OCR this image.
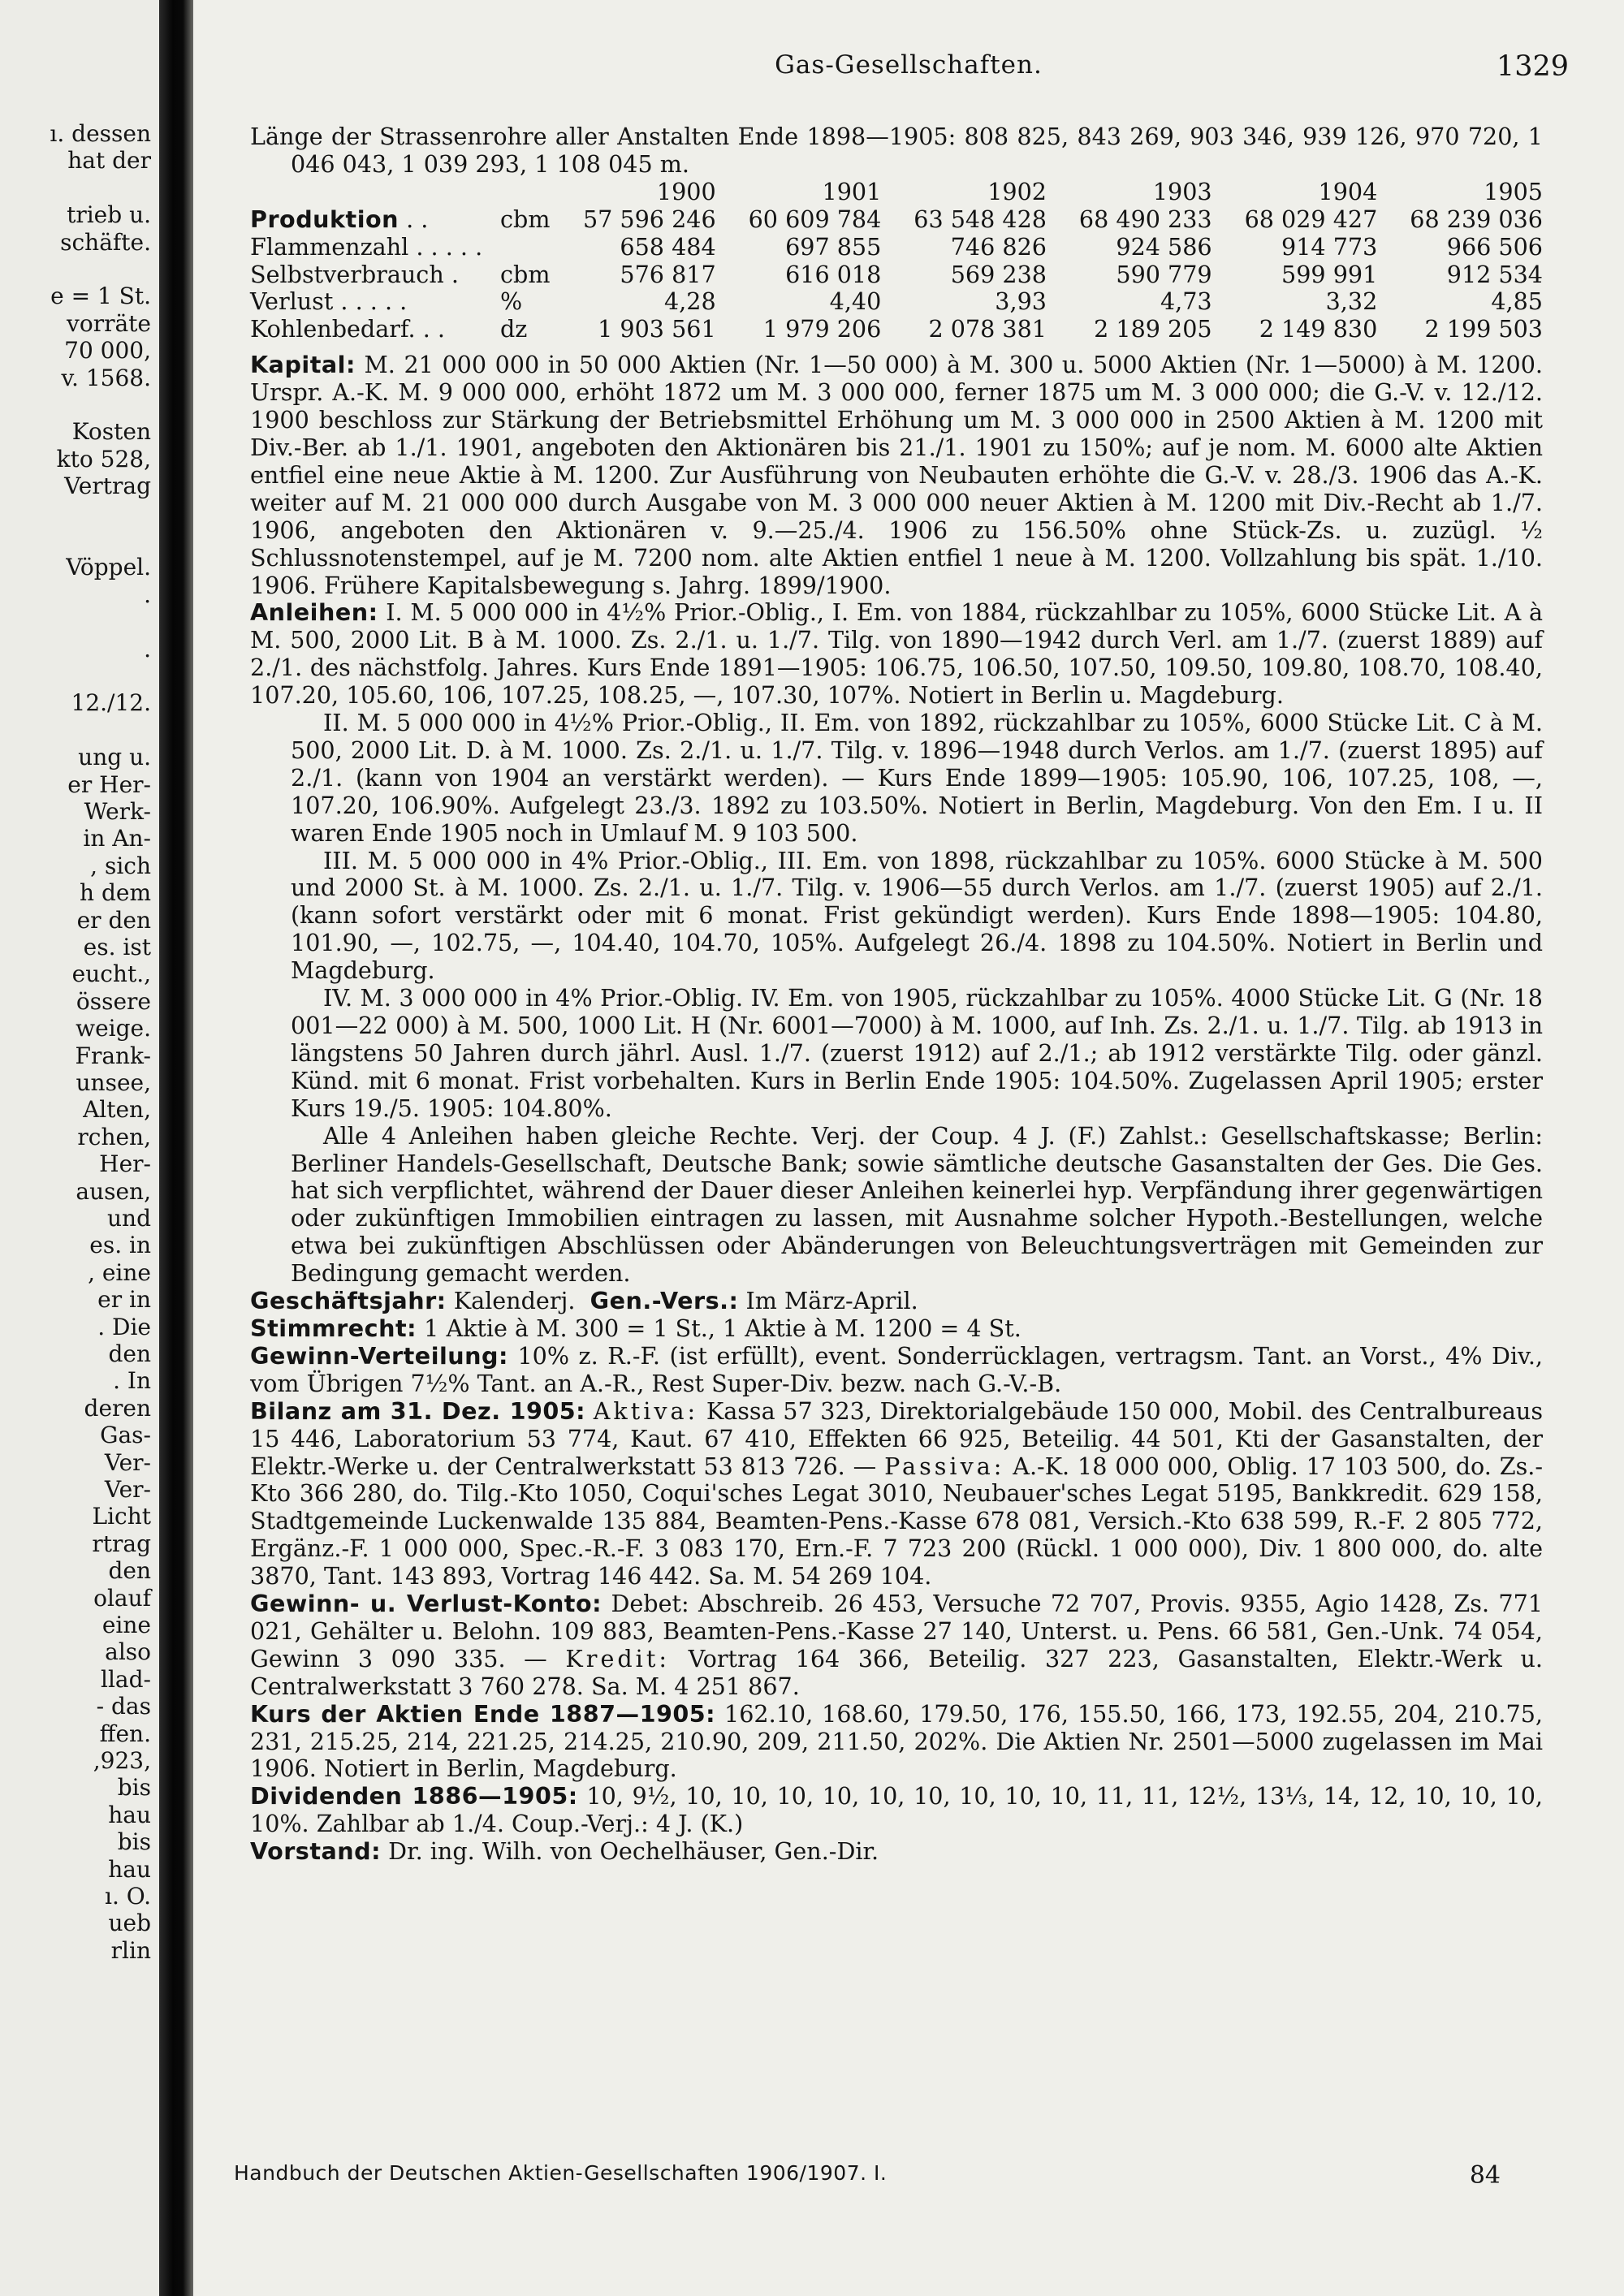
ı. dessen
hat der
trieb u.
schäfte.
e = 1 St.
vorräte
70 000,
v. 1568.
Kosten
kto 528,
Vertrag
Vöppel.
.
.
12./12.
ung u.
er Her-
Werk-
in An-
, sich
h dem
er den
es. ist
eucht.,
össere
weige.
Frank-
unsee,
Alten,
rchen,
Her-
ausen,
und
es. in
, eine
er in
. Die
den
. In
deren
Gas-
Ver-
Ver-
Licht
rtrag
den
olauf
eine
also
llad-
- das
ffen.
,923,
bis
hau
bis
hau
ı. O.
ueb
rlin
Gas-Gesellschaften.	1329
Länge der Strassenrohre aller Anstalten Ende 1898—1905: 808 825, 843 269, 903 346, 939 126, 970 720, 1 046 043, 1 039 293, 1 108 045 m.
		1900	1901	1902	1903	1904	1905
Produktion . .	cbm	57 596 246	60 609 784	63 548 428	68 490 233	68 029 427	68 239 036
Flammenzahl . . . . .		658 484	697 855	746 826	924 586	914 773	966 506
Selbstverbrauch .	cbm	576 817	616 018	569 238	590 779	599 991	912 534
Verlust . . . . .	%	4,28	4,40	3,93	4,73	3,32	4,85
Kohlenbedarf. . .	dz	1 903 561	1 979 206	2 078 381	2 189 205	2 149 830	2 199 503
Kapital: M. 21 000 000 in 50 000 Aktien (Nr. 1—50 000) à M. 300 u. 5000 Aktien (Nr. 1—5000) à M. 1200. Urspr. A.-K. M. 9 000 000, erhöht 1872 um M. 3 000 000, ferner 1875 um M. 3 000 000; die G.-V. v. 12./12. 1900 beschloss zur Stärkung der Betriebsmittel Erhöhung um M. 3 000 000 in 2500 Aktien à M. 1200 mit Div.-Ber. ab 1./1. 1901, angeboten den Aktionären bis 21./1. 1901 zu 150%; auf je nom. M. 6000 alte Aktien entfiel eine neue Aktie à M. 1200. Zur Ausführung von Neubauten erhöhte die G.-V. v. 28./3. 1906 das A.-K. weiter auf M. 21 000 000 durch Ausgabe von M. 3 000 000 neuer Aktien à M. 1200 mit Div.-Recht ab 1./7. 1906, angeboten den Aktionären v. 9.—25./4. 1906 zu 156.50% ohne Stück-Zs. u. zuzügl. ½ Schlussnotenstempel, auf je M. 7200 nom. alte Aktien entfiel 1 neue à M. 1200. Vollzahlung bis spät. 1./10. 1906. Frühere Kapitalsbewegung s. Jahrg. 1899/1900.
Anleihen: I. M. 5 000 000 in 4½% Prior.-Oblig., I. Em. von 1884, rückzahlbar zu 105%, 6000 Stücke Lit. A à M. 500, 2000 Lit. B à M. 1000. Zs. 2./1. u. 1./7. Tilg. von 1890—1942 durch Verl. am 1./7. (zuerst 1889) auf 2./1. des nächstfolg. Jahres. Kurs Ende 1891—1905: 106.75, 106.50, 107.50, 109.50, 109.80, 108.70, 108.40, 107.20, 105.60, 106, 107.25, 108.25, —, 107.30, 107%. Notiert in Berlin u. Magdeburg.
II. M. 5 000 000 in 4½% Prior.-Oblig., II. Em. von 1892, rückzahlbar zu 105%, 6000 Stücke Lit. C à M. 500, 2000 Lit. D. à M. 1000. Zs. 2./1. u. 1./7. Tilg. v. 1896—1948 durch Verlos. am 1./7. (zuerst 1895) auf 2./1. (kann von 1904 an verstärkt werden). — Kurs Ende 1899—1905: 105.90, 106, 107.25, 108, —, 107.20, 106.90%. Aufgelegt 23./3. 1892 zu 103.50%. Notiert in Berlin, Magdeburg. Von den Em. I u. II waren Ende 1905 noch in Umlauf M. 9 103 500.
III. M. 5 000 000 in 4% Prior.-Oblig., III. Em. von 1898, rückzahlbar zu 105%. 6000 Stücke à M. 500 und 2000 St. à M. 1000. Zs. 2./1. u. 1./7. Tilg. v. 1906—55 durch Verlos. am 1./7. (zuerst 1905) auf 2./1. (kann sofort verstärkt oder mit 6 monat. Frist gekündigt werden). Kurs Ende 1898—1905: 104.80, 101.90, —, 102.75, —, 104.40, 104.70, 105%. Aufgelegt 26./4. 1898 zu 104.50%. Notiert in Berlin und Magdeburg.
IV. M. 3 000 000 in 4% Prior.-Oblig. IV. Em. von 1905, rückzahlbar zu 105%. 4000 Stücke Lit. G (Nr. 18 001—22 000) à M. 500, 1000 Lit. H (Nr. 6001—7000) à M. 1000, auf Inh. Zs. 2./1. u. 1./7. Tilg. ab 1913 in längstens 50 Jahren durch jährl. Ausl. 1./7. (zuerst 1912) auf 2./1.; ab 1912 verstärkte Tilg. oder gänzl. Künd. mit 6 monat. Frist vorbehalten. Kurs in Berlin Ende 1905: 104.50%. Zugelassen April 1905; erster Kurs 19./5. 1905: 104.80%.
Alle 4 Anleihen haben gleiche Rechte. Verj. der Coup. 4 J. (F.) Zahlst.: Gesellschaftskasse; Berlin: Berliner Handels-Gesellschaft, Deutsche Bank; sowie sämtliche deutsche Gasanstalten der Ges. Die Ges. hat sich verpflichtet, während der Dauer dieser Anleihen keinerlei hyp. Verpfändung ihrer gegenwärtigen oder zukünftigen Immobilien eintragen zu lassen, mit Ausnahme solcher Hypoth.-Bestellungen, welche etwa bei zukünftigen Abschlüssen oder Abänderungen von Beleuchtungsverträgen mit Gemeinden zur Bedingung gemacht werden.
Geschäftsjahr: Kalenderj. Gen.-Vers.: Im März-April.
Stimmrecht: 1 Aktie à M. 300 = 1 St., 1 Aktie à M. 1200 = 4 St.
Gewinn-Verteilung: 10% z. R.-F. (ist erfüllt), event. Sonderrücklagen, vertragsm. Tant. an Vorst., 4% Div., vom Übrigen 7½% Tant. an A.-R., Rest Super-Div. bezw. nach G.-V.-B.
Bilanz am 31. Dez. 1905: Aktiva: Kassa 57 323, Direktorialgebäude 150 000, Mobil. des Centralbureaus 15 446, Laboratorium 53 774, Kaut. 67 410, Effekten 66 925, Beteilig. 44 501, Kti der Gasanstalten, der Elektr.-Werke u. der Centralwerkstatt 53 813 726. — Passiva: A.-K. 18 000 000, Oblig. 17 103 500, do. Zs.-Kto 366 280, do. Tilg.-Kto 1050, Coqui'sches Legat 3010, Neubauer'sches Legat 5195, Bankkredit. 629 158, Stadtgemeinde Luckenwalde 135 884, Beamten-Pens.-Kasse 678 081, Versich.-Kto 638 599, R.-F. 2 805 772, Ergänz.-F. 1 000 000, Spec.-R.-F. 3 083 170, Ern.-F. 7 723 200 (Rückl. 1 000 000), Div. 1 800 000, do. alte 3870, Tant. 143 893, Vortrag 146 442. Sa. M. 54 269 104.
Gewinn- u. Verlust-Konto: Debet: Abschreib. 26 453, Versuche 72 707, Provis. 9355, Agio 1428, Zs. 771 021, Gehälter u. Belohn. 109 883, Beamten-Pens.-Kasse 27 140, Unterst. u. Pens. 66 581, Gen.-Unk. 74 054, Gewinn 3 090 335. — Kredit: Vortrag 164 366, Beteilig. 327 223, Gasanstalten, Elektr.-Werk u. Centralwerkstatt 3 760 278. Sa. M. 4 251 867.
Kurs der Aktien Ende 1887—1905: 162.10, 168.60, 179.50, 176, 155.50, 166, 173, 192.55, 204, 210.75, 231, 215.25, 214, 221.25, 214.25, 210.90, 209, 211.50, 202%. Die Aktien Nr. 2501—5000 zugelassen im Mai 1906. Notiert in Berlin, Magdeburg.
Dividenden 1886—1905: 10, 9½, 10, 10, 10, 10, 10, 10, 10, 10, 10, 11, 11, 12½, 13⅓, 14, 12, 10, 10, 10, 10%. Zahlbar ab 1./4. Coup.-Verj.: 4 J. (K.)
Vorstand: Dr. ing. Wilh. von Oechelhäuser, Gen.-Dir.
Handbuch der Deutschen Aktien-Gesellschaften 1906/1907. I.	84
